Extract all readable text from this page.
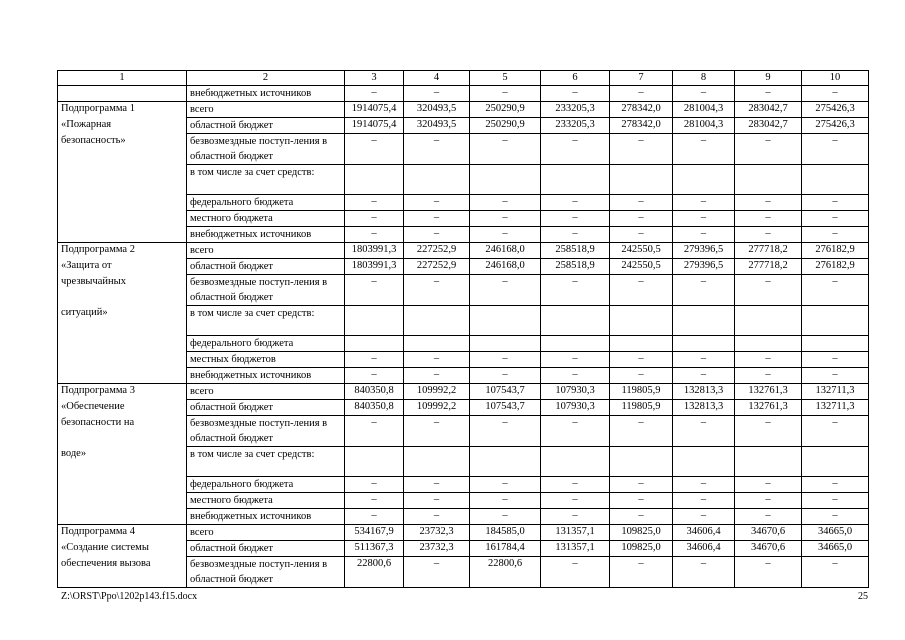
1	2	3	4	5	6	7	8	9	10
	внебюджетных источников	–	–	–	–	–	–	–	–
Подпрограмма 1	всего	1914075,4	320493,5	250290,9	233205,3	278342,0	281004,3	283042,7	275426,3
«Пожарная	областной бюджет	1914075,4	320493,5	250290,9	233205,3	278342,0	281004,3	283042,7	275426,3
безопасность»	безвозмездные поступ-ления в областной бюджет	–	–	–	–	–	–	–	–
	в том числе за счет средств:								
	федерального бюджета	–	–	–	–	–	–	–	–
	местного бюджета	–	–	–	–	–	–	–	–
	внебюджетных источников	–	–	–	–	–	–	–	–
Подпрограмма 2	всего	1803991,3	227252,9	246168,0	258518,9	242550,5	279396,5	277718,2	276182,9
«Защита от	областной бюджет	1803991,3	227252,9	246168,0	258518,9	242550,5	279396,5	277718,2	276182,9
чрезвычайных	безвозмездные поступ-ления в областной бюджет	–	–	–	–	–	–	–	–
ситуаций»	в том числе за счет средств:								
	федерального бюджета								
	местных бюджетов	–	–	–	–	–	–	–	–
	внебюджетных источников	–	–	–	–	–	–	–	–
Подпрограмма 3	всего	840350,8	109992,2	107543,7	107930,3	119805,9	132813,3	132761,3	132711,3
«Обеспечение	областной бюджет	840350,8	109992,2	107543,7	107930,3	119805,9	132813,3	132761,3	132711,3
безопасности на	безвозмездные поступ-ления в областной бюджет	–	–	–	–	–	–	–	–
воде»	в том числе за счет средств:								
	федерального бюджета	–	–	–	–	–	–	–	–
	местного бюджета	–	–	–	–	–	–	–	–
	внебюджетных источников	–	–	–	–	–	–	–	–
Подпрограмма 4	всего	534167,9	23732,3	184585,0	131357,1	109825,0	34606,4	34670,6	34665,0
«Создание системы	областной бюджет	511367,3	23732,3	161784,4	131357,1	109825,0	34606,4	34670,6	34665,0
обеспечения вызова	безвозмездные поступ-ления в областной бюджет	22800,6	–	22800,6	–	–	–	–	–
Z:\ORST\Ppo\1202p143.f15.docx	25
